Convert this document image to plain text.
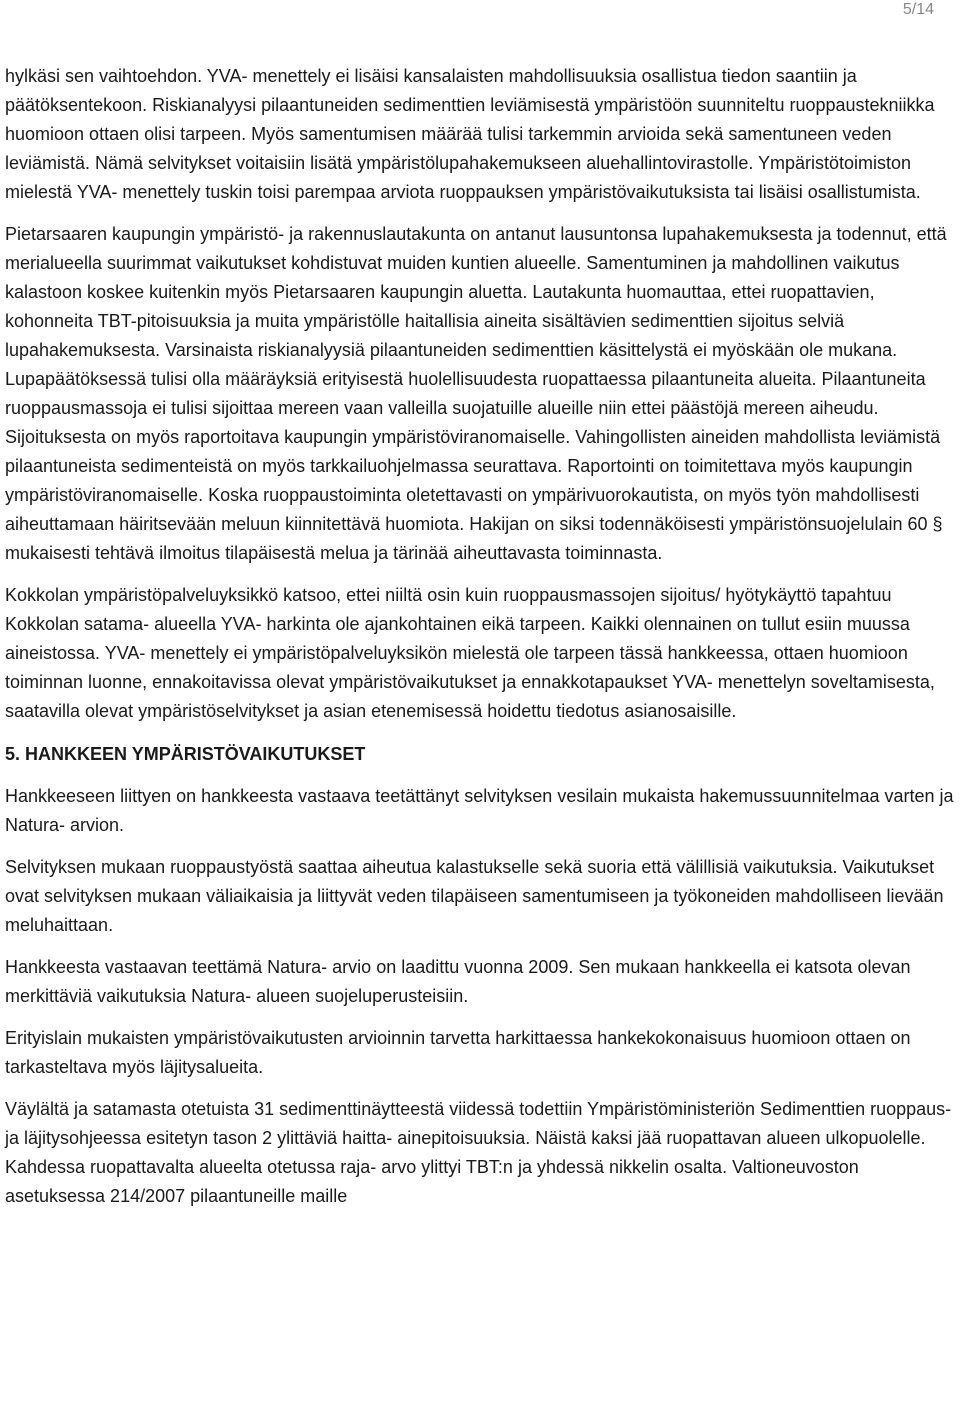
5/14

hylkäsi sen vaihtoehdon. YVA- menettely ei lisäisi kansalaisten mahdollisuuksia osallistua tiedon saantiin ja päätöksentekoon. Riskianalyysi pilaantuneiden sedimenttien leviämisestä ympäristöön suunniteltu ruoppaustekniikka huomioon ottaen olisi tarpeen. Myös samentumisen määrää tulisi tarkemmin arvioida sekä samentuneen veden leviämistä. Nämä selvitykset voitaisiin lisätä ympäristölupahakemukseen aluehallintovirastolle. Ympäristötoimiston mielestä YVA- menettely tuskin toisi parempaa arviota ruoppauksen ympäristövaikutuksista tai lisäisi osallistumista.

Pietarsaaren kaupungin ympäristö- ja rakennuslautakunta on antanut lausuntonsa lupahakemuksesta ja todennut, että merialueella suurimmat vaikutukset kohdistuvat muiden kuntien alueelle. Samentuminen ja mahdollinen vaikutus kalastoon koskee kuitenkin myös Pietarsaaren kaupungin aluetta. Lautakunta huomauttaa, ettei ruopattavien, kohonneita TBT-pitoisuuksia ja muita ympäristölle haitallisia aineita sisältävien sedimenttien sijoitus selviä lupahakemuksesta. Varsinaista riskianalyysiä pilaantuneiden sedimenttien käsittelystä ei myöskään ole mukana. Lupapäätöksessä tulisi olla määräyksiä erityisestä huolellisuudesta ruopattaessa pilaantuneita alueita. Pilaantuneita ruoppausmassoja ei tulisi sijoittaa mereen vaan valleilla suojatuille alueille niin ettei päästöjä mereen aiheudu. Sijoituksesta on myös raportoitava kaupungin ympäristöviranomaiselle. Vahingollisten aineiden mahdollista leviämistä pilaantuneista sedimenteistä on myös tarkkailuohjelmassa seurattava. Raportointi on toimitettava myös kaupungin ympäristöviranomaiselle. Koska ruoppaustoiminta oletettavasti on ympärivuorokautista, on myös työn mahdollisesti aiheuttamaan häiritsevään meluun kiinnitettävä huomiota. Hakijan on siksi todennäköisesti ympäristönsuojelulain 60 § mukaisesti tehtävä ilmoitus tilapäisestä melua ja tärinää aiheuttavasta toiminnasta.

Kokkolan ympäristöpalveluyksikkö katsoo, ettei niiltä osin kuin ruoppausmassojen sijoitus/ hyötykäyttö tapahtuu Kokkolan satama- alueella YVA- harkinta ole ajankohtainen eikä tarpeen. Kaikki olennainen on tullut esiin muussa aineistossa. YVA- menettely ei ympäristöpalveluyksikön mielestä ole tarpeen tässä hankkeessa, ottaen huomioon toiminnan luonne, ennakoitavissa olevat ympäristövaikutukset ja ennakkotapaukset YVA- menettelyn soveltamisesta, saatavilla olevat ympäristöselvitykset ja asian etenemisessä hoidettu tiedotus asianosaisille.

5. HANKKEEN YMPÄRISTÖVAIKUTUKSET

Hankkeeseen liittyen on hankkeesta vastaava teetättänyt selvityksen vesilain mukaista hakemussuunnitelmaa varten ja Natura- arvion.

Selvityksen mukaan ruoppaustyöstä saattaa aiheutua kalastukselle sekä suoria että välillisiä vaikutuksia. Vaikutukset ovat selvityksen mukaan väliaikaisia ja liittyvät veden tilapäiseen samentumiseen ja työkoneiden mahdolliseen lievään meluhaittaan.

Hankkeesta vastaavan teettämä Natura- arvio on laadittu vuonna 2009. Sen mukaan hankkeella ei katsota olevan merkittäviä vaikutuksia Natura- alueen suojeluperusteisiin.

Erityislain mukaisten ympäristövaikutusten arvioinnin tarvetta harkittaessa hankekokonaisuus huomioon ottaen on tarkasteltava myös läjitysalueita.

Väylältä ja satamasta otetuista 31 sedimenttinäytteestä viidessä todettiin Ympäristöministeriön Sedimenttien ruoppaus- ja läjitysohjeessa esitetyn tason 2 ylittäviä haitta- ainepitoisuuksia. Näistä kaksi jää ruopattavan alueen ulkopuolelle. Kahdessa ruopattavalta alueelta otetussa raja- arvo ylittyi TBT:n ja yhdessä nikkelin osalta. Valtioneuvoston asetuksessa 214/2007 pilaantuneille maille
